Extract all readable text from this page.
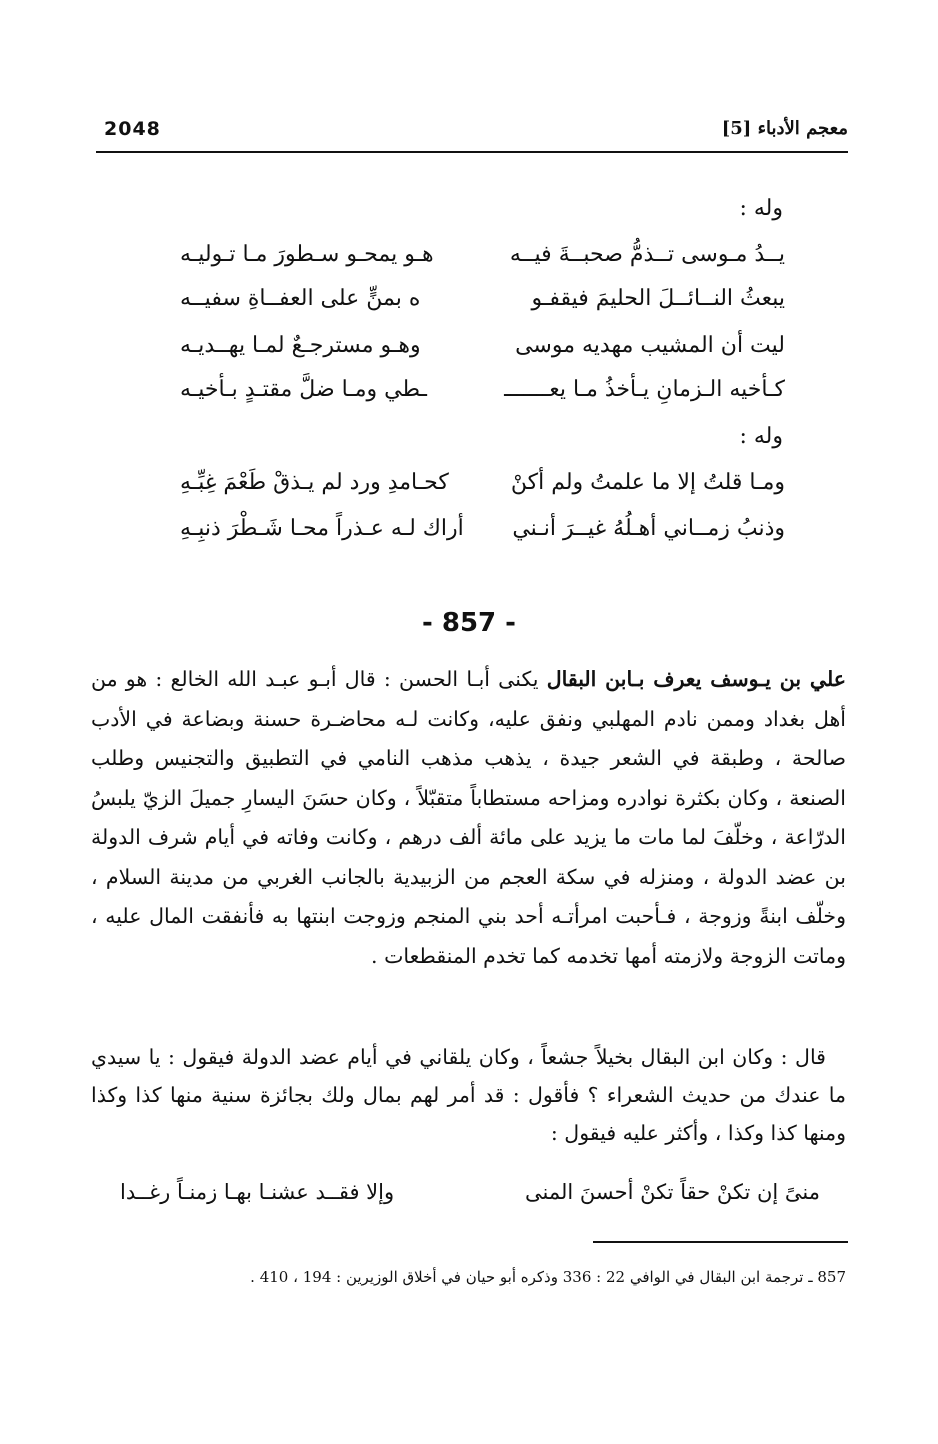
2048	معجم الأدباء [5]
وله :
يــدُ مـوسى تــذمُّ صحبــةَ فيــه
هـو يمحـو سـطورَ مـا تـوليـه
يبعثُ النــائــلَ الحليمَ فيقفـو
ه بمنٍّ على العفــاةِ سفيــه
ليت أن المشيب مهديه موسى
وهـو مسترجـعٌ لمـا يهــديـه
كـأخيه الـزمانِ يـأخذُ مـا يعـــــــ
ـطي ومـا ضلَّ مقتـدٍ بـأخيـه
وله :
ومـا قلتُ إلا ما علمتُ ولم أكنْ
كحـامدِ ورد لم يـذقْ طَعْمَ غِبِّـهِ
وذنبُ زمــاني أهـلُهُ غيــرَ أنـني
أراك لـه عـذراً محـا شَـطْرَ ذنبِـهِ
- 857 -
علي بن يـوسف يعرف بـابن البقال يكنى أبـا الحسن : قال أبـو عبـد الله الخالع : هو من أهل بغداد وممن نادم المهلبي ونفق عليه، وكانت لـه محاضـرة حسنة وبضاعة في الأدب صالحة ، وطبقة في الشعر جيدة ، يذهب مذهب النامي في التطبيق والتجنيس وطلب الصنعة ، وكان بكثرة نوادره ومزاحه مستطاباً متقبّلاً ، وكان حسَنَ اليسارِ جميلَ الزيّ يلبسُ الدرّاعة ، وخلّفَ لما مات ما يزيد على مائة ألف درهم ، وكانت وفاته في أيام شرف الدولة بن عضد الدولة ، ومنزله في سكة العجم من الزبيدية بالجانب الغربي من مدينة السلام ، وخلّف ابنةً وزوجة ، فـأحبت امرأتـه أحد بني المنجم وزوجت ابنتها به فأنفقت المال عليه ، وماتت الزوجة ولازمته أمها تخدمه كما تخدم المنقطعات .
قال : وكان ابن البقال بخيلاً جشعاً ، وكان يلقاني في أيام عضد الدولة فيقول : يا سيدي ما عندك من حديث الشعراء ؟ فأقول : قد أمر لهم بمال ولك بجائزة سنية منها كذا وكذا ومنها كذا وكذا ، وأكثر عليه فيقول :
منىً إن تكنْ حقاً تكنْ أحسنَ المنى
وإلا فقــد عشنـا بهـا زمنـاً رغــدا
857 ـ ترجمة ابن البقال في الوافي 22 : 336 وذكره أبو حيان في أخلاق الوزيرين : 194 ، 410 .
